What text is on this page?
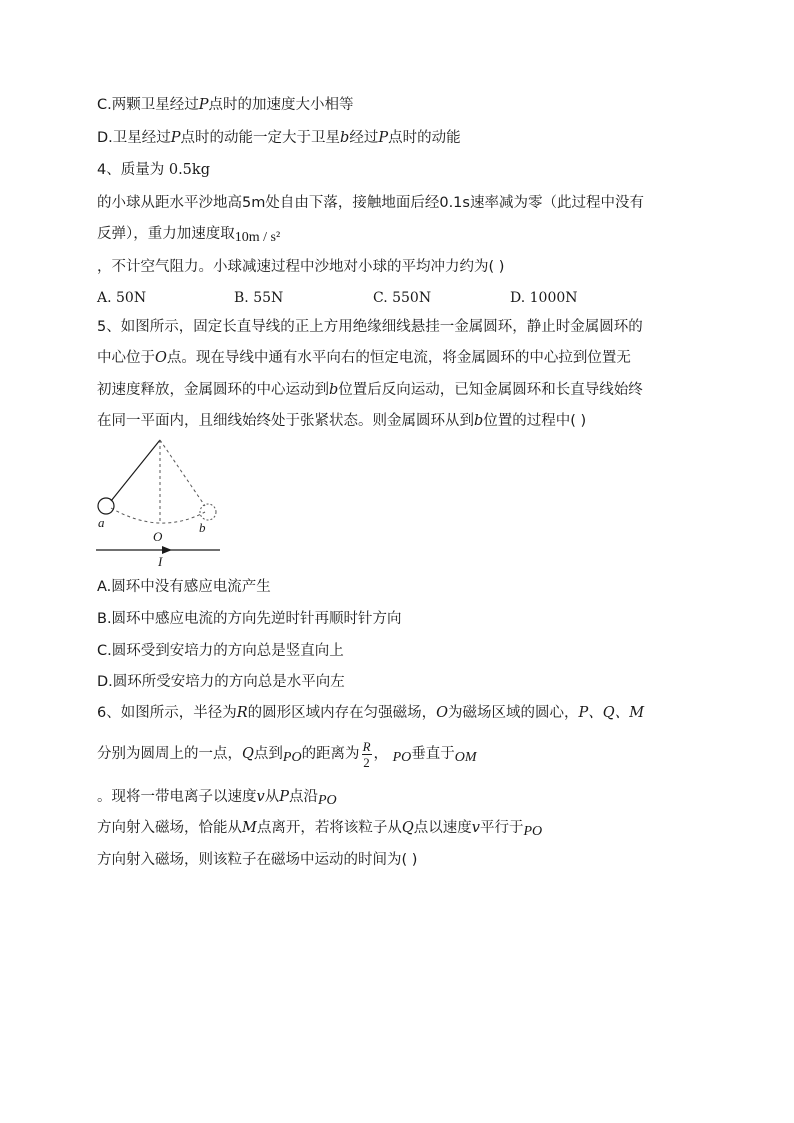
C.两颗卫星经过P点时的加速度大小相等
D.卫星经过P点时的动能一定大于卫星b经过P点时的动能
4、质量为 0.5kg
的小球从距水平沙地高5m处自由下落，接触地面后经0.1s速率减为零（此过程中没有
反弹），重力加速度取10m / s²
，不计空气阻力。小球减速过程中沙地对小球的平均冲力约为( )
A. 50N	B. 55N	C. 550N	D. 1000N
5、如图所示，固定长直导线的正上方用绝缘细线悬挂一金属圆环，静止时金属圆环的
中心位于O点。现在导线中通有水平向右的恒定电流，将金属圆环的中心拉到位置无
初速度释放，金属圆环的中心运动到b位置后反向运动，已知金属圆环和长直导线始终
在同一平面内，且细线始终处于张紧状态。则金属圆环从到b位置的过程中( )
a	b
O
I
A.圆环中没有感应电流产生
B.圆环中感应电流的方向先逆时针再顺时针方向
C.圆环受到安培力的方向总是竖直向上
D.圆环所受安培力的方向总是水平向左
6、如图所示，半径为R的圆形区域内存在匀强磁场，O为磁场区域的圆心，P、Q、M
分别为圆周上的一点，Q点到PO的距离为 $\frac{R}{2}$ ， PO垂直于OM
。现将一带电离子以速度v从P点沿PO
方向射入磁场，恰能从M点离开，若将该粒子从Q点以速度v平行于PO
方向射入磁场，则该粒子在磁场中运动的时间为( )
